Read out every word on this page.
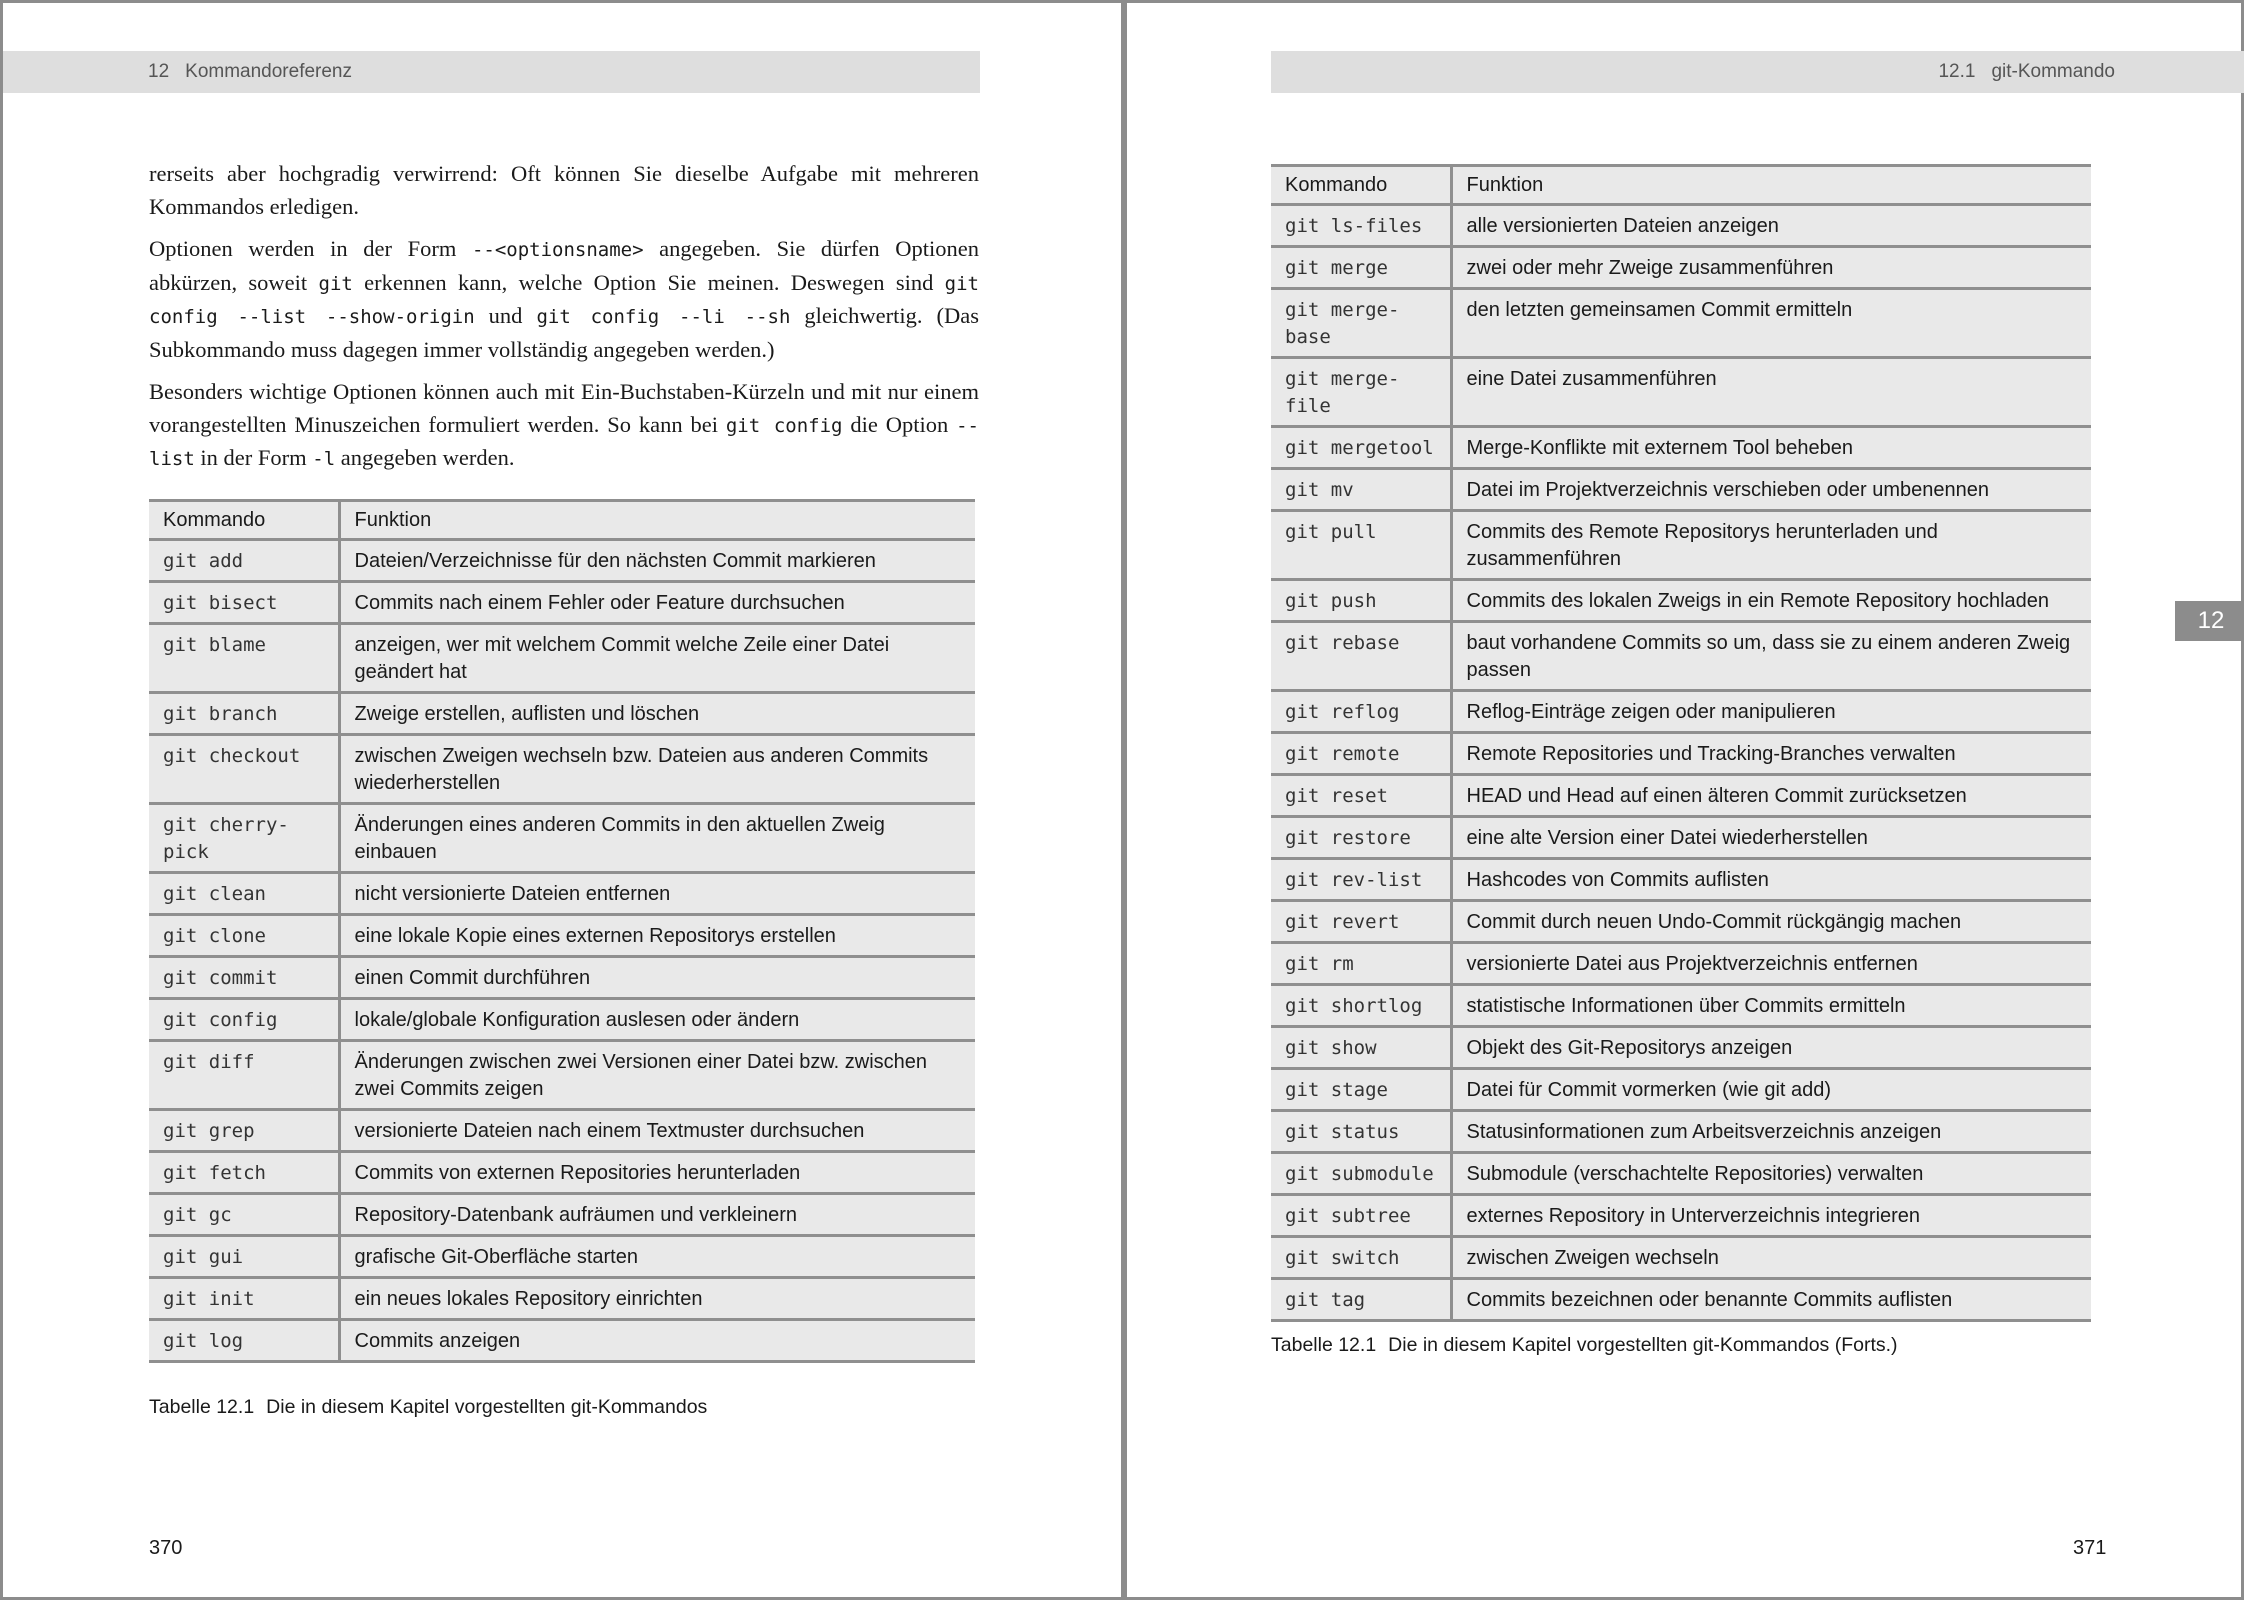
12 Kommandoreferenz

rerseits aber hochgradig verwirrend: Oft können Sie dieselbe Aufgabe mit mehreren Kommandos erledigen.

Optionen werden in der Form --<optionsname> angegeben. Sie dürfen Optionen abkürzen, soweit git erkennen kann, welche Option Sie meinen. Deswegen sind git config --list --show-origin und git config --li --sh gleichwertig. (Das Subkommando muss dagegen immer vollständig angegeben werden.)

Besonders wichtige Optionen können auch mit Ein-Buchstaben-Kürzeln und mit nur einem vorangestellten Minuszeichen formuliert werden. So kann bei git config die Option --list in der Form -l angegeben werden.

Kommando	Funktion
git add	Dateien/Verzeichnisse für den nächsten Commit markieren
git bisect	Commits nach einem Fehler oder Feature durchsuchen
git blame	anzeigen, wer mit welchem Commit welche Zeile einer Datei geändert hat
git branch	Zweige erstellen, auflisten und löschen
git checkout	zwischen Zweigen wechseln bzw. Dateien aus anderen Commits wiederherstellen
git cherry-pick	Änderungen eines anderen Commits in den aktuellen Zweig einbauen
git clean	nicht versionierte Dateien entfernen
git clone	eine lokale Kopie eines externen Repositorys erstellen
git commit	einen Commit durchführen
git config	lokale/globale Konfiguration auslesen oder ändern
git diff	Änderungen zwischen zwei Versionen einer Datei bzw. zwischen zwei Commits zeigen
git grep	versionierte Dateien nach einem Textmuster durchsuchen
git fetch	Commits von externen Repositories herunterladen
git gc	Repository-Datenbank aufräumen und verkleinern
git gui	grafische Git-Oberfläche starten
git init	ein neues lokales Repository einrichten
git log	Commits anzeigen
Tabelle 12.1 Die in diesem Kapitel vorgestellten git-Kommandos
370
12.1 git-Kommando
Kommando	Funktion
git ls-files	alle versionierten Dateien anzeigen
git merge	zwei oder mehr Zweige zusammenführen
git merge-base	den letzten gemeinsamen Commit ermitteln
git merge-file	eine Datei zusammenführen
git mergetool	Merge-Konflikte mit externem Tool beheben
git mv	Datei im Projektverzeichnis verschieben oder umbenennen
git pull	Commits des Remote Repositorys herunterladen und zusammenführen
git push	Commits des lokalen Zweigs in ein Remote Repository hochladen
git rebase	baut vorhandene Commits so um, dass sie zu einem anderen Zweig passen
git reflog	Reflog-Einträge zeigen oder manipulieren
git remote	Remote Repositories und Tracking-Branches verwalten
git reset	HEAD und Head auf einen älteren Commit zurücksetzen
git restore	eine alte Version einer Datei wiederherstellen
git rev-list	Hashcodes von Commits auflisten
git revert	Commit durch neuen Undo-Commit rückgängig machen
git rm	versionierte Datei aus Projektverzeichnis entfernen
git shortlog	statistische Informationen über Commits ermitteln
git show	Objekt des Git-Repositorys anzeigen
git stage	Datei für Commit vormerken (wie git add)
git status	Statusinformationen zum Arbeitsverzeichnis anzeigen
git submodule	Submodule (verschachtelte Repositories) verwalten
git subtree	externes Repository in Unterverzeichnis integrieren
git switch	zwischen Zweigen wechseln
git tag	Commits bezeichnen oder benannte Commits auflisten
Tabelle 12.1 Die in diesem Kapitel vorgestellten git-Kommandos (Forts.)
371
12
